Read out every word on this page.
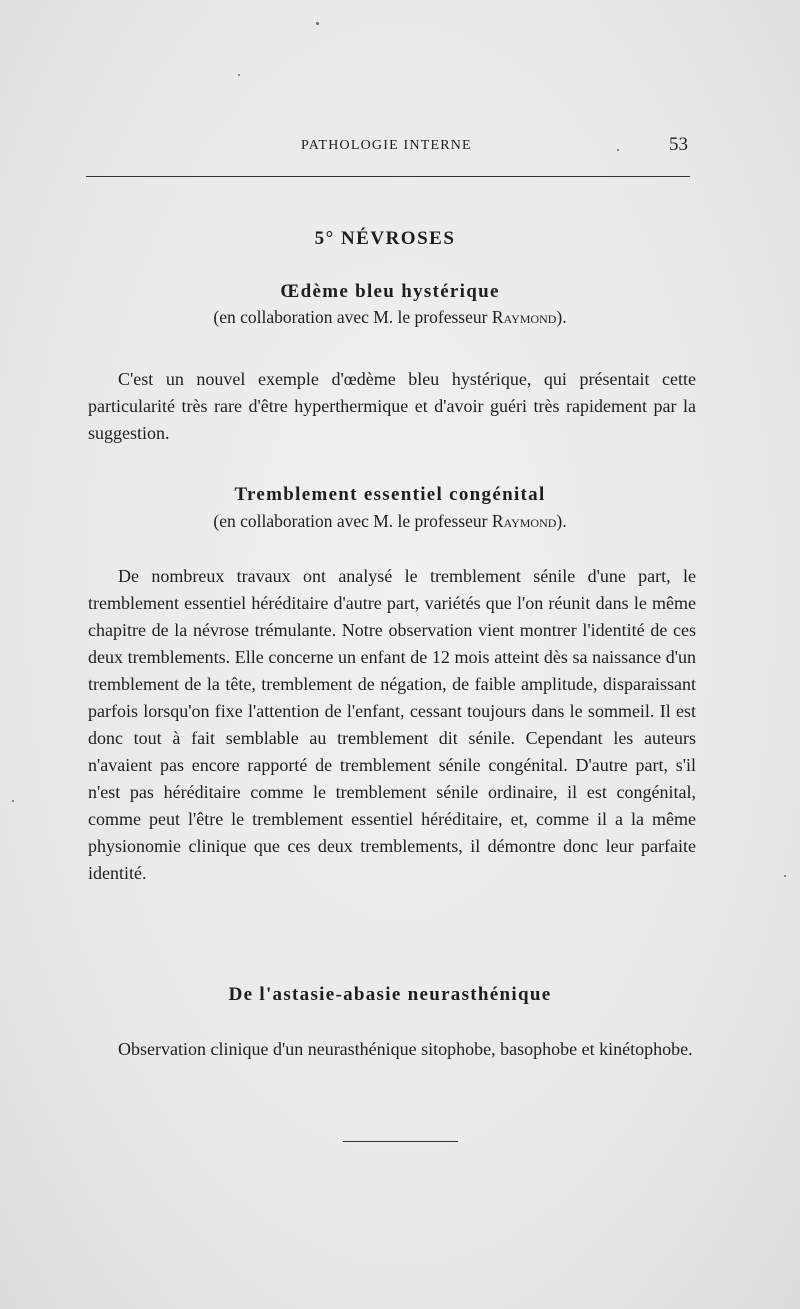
PATHOLOGIE INTERNE	53
5° NÉVROSES
Œdème bleu hystérique
(en collaboration avec M. le professeur Raymond).

C'est un nouvel exemple d'œdème bleu hystérique, qui présentait cette particularité très rare d'être hyperthermique et d'avoir guéri très rapidement par la suggestion.

Tremblement essentiel congénital
(en collaboration avec M. le professeur Raymond).

De nombreux travaux ont analysé le tremblement sénile d'une part, le tremblement essentiel héréditaire d'autre part, variétés que l'on réunit dans le même chapitre de la névrose trémulante. Notre observation vient montrer l'identité de ces deux tremblements. Elle concerne un enfant de 12 mois atteint dès sa naissance d'un tremblement de la tête, tremblement de négation, de faible amplitude, disparaissant parfois lorsqu'on fixe l'attention de l'enfant, cessant toujours dans le sommeil. Il est donc tout à fait semblable au tremblement dit sénile. Cependant les auteurs n'avaient pas encore rapporté de tremblement sénile congénital. D'autre part, s'il n'est pas héréditaire comme le tremblement sénile ordinaire, il est congénital, comme peut l'être le tremblement essentiel héréditaire, et, comme il a la même physionomie clinique que ces deux tremblements, il démontre donc leur parfaite identité.

De l'astasie-abasie neurasthénique

Observation clinique d'un neurasthénique sitophobe, basophobe et kinétophobe.
